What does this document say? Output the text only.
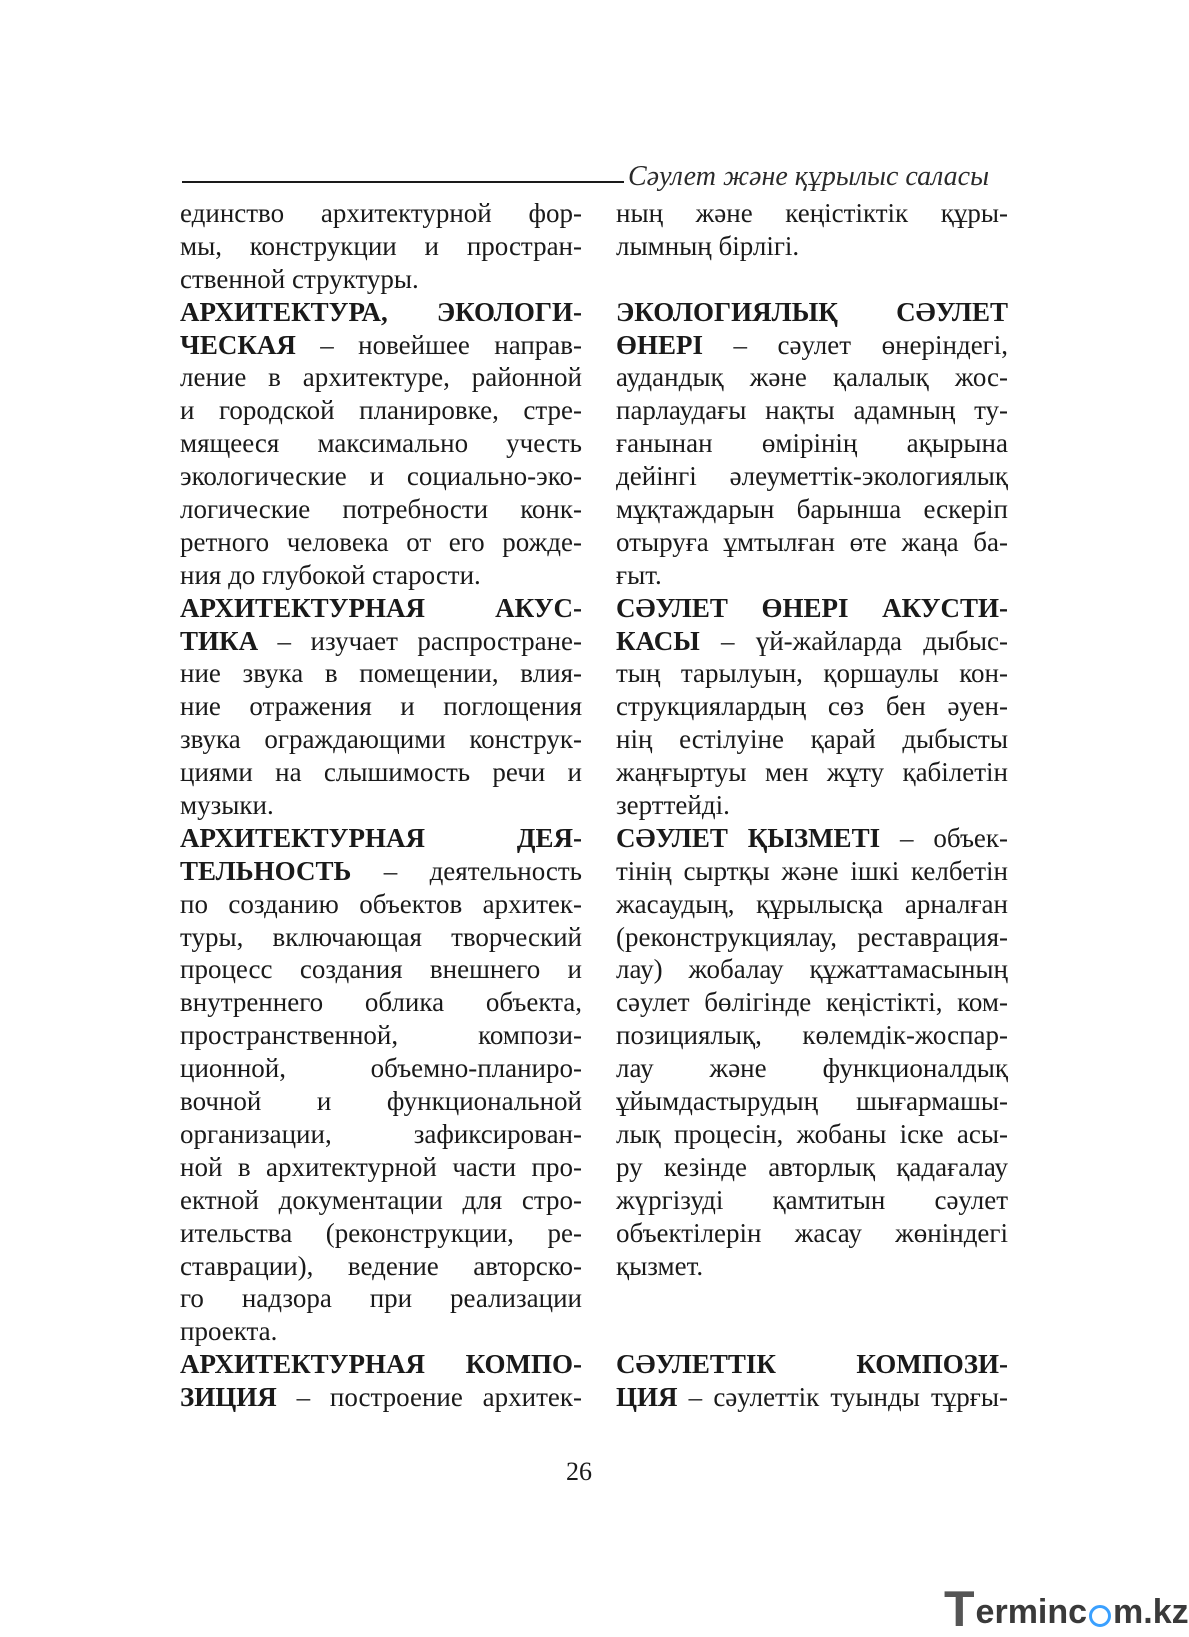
Сәулет және құрылыс саласы
единство архитектурной фор-
мы, конструкции и простран-
ственной структуры.
АРХИТЕКТУРА, ЭКОЛОГИ-
ЧЕСКАЯ – новейшее направ-
ление в архитектуре, районной
и городской планировке, стре-
мящееся максимально учесть
экологические и социально-эко-
логические потребности конк-
ретного человека от его рожде-
ния до глубокой старости.
АРХИТЕКТУРНАЯ АКУС-
ТИКА – изучает распростране-
ние звука в помещении, влия-
ние отражения и поглощения
звука ограждающими конструк-
циями на слышимость речи и
музыки.
АРХИТЕКТУРНАЯ ДЕЯ-
ТЕЛЬНОСТЬ – деятельность
по созданию объектов архитек-
туры, включающая творческий
процесс создания внешнего и
внутреннего облика объекта,
пространственной, компози-
ционной, объемно-планиро-
вочной и функциональной
организации, зафиксирован-
ной в архитектурной части про-
ектной документации для стро-
ительства (реконструкции, ре-
ставрации), ведение авторско-
го надзора при реализации
проекта.
АРХИТЕКТУРНАЯ КОМПО-
ЗИЦИЯ – построение архитек-
ның және кеңістіктік құры-
лымның бірлігі.
ЭКОЛОГИЯЛЫҚ СӘУЛЕТ
ӨНЕРІ – сәулет өнеріндегі,
аудандық және қалалық жос-
парлаудағы нақты адамның ту-
ғанынан өмірінің ақырына
дейінгі әлеуметтік-экологиялық
мұқтаждарын барынша ескеріп
отыруға ұмтылған өте жаңа ба-
ғыт.
СӘУЛЕТ ӨНЕРІ АКУСТИ-
КАСЫ – үй-жайларда дыбыс-
тың тарылуын, қоршаулы кон-
струкциялардың сөз бен әуен-
нің естілуіне қарай дыбысты
жаңғыртуы мен жұту қабілетін
зерттейді.
СӘУЛЕТ ҚЫЗМЕТІ – объек-
тінің сыртқы және ішкі келбетін
жасаудың, құрылысқа арналған
(реконструкциялау, реставрация-
лау) жобалау құжаттамасының
сәулет бөлігінде кеңістікті, ком-
позициялық, көлемдік-жоспар-
лау және функционалдық
ұйымдастырудың шығармашы-
лық процесін, жобаны іске асы-
ру кезінде авторлық қадағалау
жүргізуді қамтитын сәулет
объектілерін жасау жөніндегі
қызмет.
СӘУЛЕТТІК КОМПОЗИ-
ЦИЯ – сәулеттік туынды тұрғы-
26
T erminc m.kz
